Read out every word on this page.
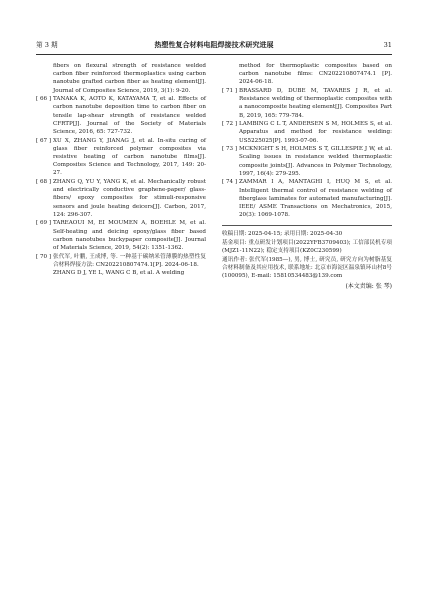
热塑性复合材料电阻焊接技术研究进展
第 3 期	31
fibers on flexural strength of resistance welded carbon fiber reinforced thermoplastics using carbon nanotube grafted carbon fiber as heating element[J]. Journal of Composites Science, 2019, 3(1): 9-20.
[ 66 ] TANAKA K, AOTO K, KATAYAMA T, et al. Effects of carbon nanotube deposition time to carbon fiber on tensile lap-shear strength of resistance welded CFRTP[J]. Journal of the Society of Materials Science, 2016, 65: 727-732.
[ 67 ] XU X, ZHANG Y, JIANAG J, et al. In-situ curing of glass fiber reinforced polymer composites via resistive heating of carbon nanotube films[J]. Composites Science and Technology, 2017, 149: 20-27.
[ 68 ] ZHANG Q, YU Y, YANG K, et al. Mechanically robust and electrically conductive graphene-paper/ glass-fibers/ epoxy composites for stimuli-responsive sensors and joule heating deicers[J]. Carbon, 2017, 124: 296-307.
[ 69 ] TAREAOUI M, EI MOUMEN A, BOEHLE M, et al. Self-heating and deicing epoxy/glass fiber based carbon nanotubes buckypaper composite[J]. Journal of Materials Science, 2019, 54(2): 1351-1362.
[ 70 ] 张代军, 叶鹏, 王成博, 等. 一种基于碳纳米管薄膜的热塑性复合材料焊接方法: CN202210807474.1[P]. 2024-06-18.
ZHANG D J, YE L, WANG C B, et al. A welding
method for thermoplastic composites based on carbon nanotube films: CN202210807474.1 [P]. 2024-06-18.
[ 71 ] BRASSARD D, DUBE M, TAVARES J R, et al. Resistance welding of thermoplastic composites with a nanocomposite heating element[J]. Composites Part B, 2019, 165: 779-784.
[ 72 ] LAMBING C L T, ANDERSEN S M, HOLMES S, et al. Apparatus and method for resistance welding: US5225025[P]. 1993-07-06.
[ 73 ] MCKNIGHT S H, HOLMES S T, GILLESPIE J W, et al. Scaling issues in resistance welded thermoplastic composite joints[J]. Advances in Polymer Technology, 1997, 16(4): 279-295.
[ 74 ] ZAMMAR I A, MANTAGHI I, HUQ M S, et al. Intelligent thermal control of resistance welding of fiberglass laminates for automated manufacturing[J]. IEEE/ ASME Transactions on Mechatronics, 2015, 20(3): 1069-1078.
收稿日期: 2025-04-15; 录用日期: 2025-04-30
基金项目: 重点研发计划项目(2022YFB3709403); 工信部民机专项(MJZ1-11N22); 稳定支持项目(KZ0C230599)
通讯作者: 张代军(1985—), 男, 博士, 研究员, 研究方向为树脂基复合材料制备及其应用技术, 联系地址: 北京市海淀区温泉镇环山村8号(100095), E-mail: 15810534483@139.com
(本文责编: 张 琴)
